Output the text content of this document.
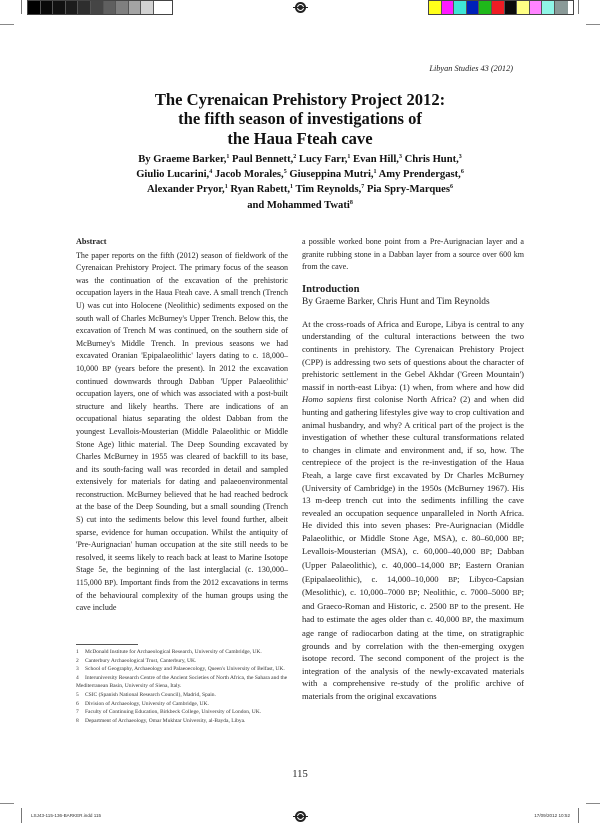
Libyan Studies 43 (2012)
The Cyrenaican Prehistory Project 2012:
the fifth season of investigations of
the Haua Fteah cave
By Graeme Barker,$^1$ Paul Bennett,$^2$ Lucy Farr,$^1$ Evan Hill,$^3$ Chris Hunt,$^3$
Giulio Lucarini,$^4$ Jacob Morales,$^5$ Giuseppina Mutri,$^1$ Amy Prendergast,$^6$
Alexander Pryor,$^1$ Ryan Rabett,$^1$ Tim Reynolds,$^7$ Pia Spry-Marques$^6$
and Mohammed Twati$^8$
Abstract
The paper reports on the fifth (2012) season of fieldwork of the Cyrenaican Prehistory Project. The primary focus of the season was the continuation of the excavation of the prehistoric occupation layers in the Haua Fteah cave. A small trench (Trench U) was cut into Holocene (Neolithic) sediments exposed on the south wall of Charles McBurney's Upper Trench. Below this, the excavation of Trench M was continued, on the southern side of McBurney's Middle Trench. In previous seasons we had excavated Oranian 'Epipalaeolithic' layers dating to c. 18,000–10,000 BP (years before the present). In 2012 the excavation continued downwards through Dabban 'Upper Palaeolithic' occupation layers, one of which was associated with a post-built structure and likely hearths. There are indications of an occupational hiatus separating the oldest Dabban from the youngest Levallois-Mousterian (Middle Palaeolithic or Middle Stone Age) lithic material. The Deep Sounding excavated by Charles McBurney in 1955 was cleared of backfill to its base, and its south-facing wall was recorded in detail and sampled extensively for materials for dating and palaeoenvironmental reconstruction. McBurney believed that he had reached bedrock at the base of the Deep Sounding, but a small sounding (Trench S) cut into the sediments below this level found further, albeit sparse, evidence for human occupation. Whilst the antiquity of 'Pre-Aurignacian' human occupation at the site still needs to be resolved, it seems likely to reach back at least to Marine Isotope Stage 5e, the beginning of the last interglacial (c. 130,000–115,000 BP). Important finds from the 2012 excavations in terms of the behavioural complexity of the human groups using the cave include
1 McDonald Institute for Archaeological Research, University of Cambridge, UK.
2 Canterbury Archaeological Trust, Canterbury, UK.
3 School of Geography, Archaeology and Palaeoecology, Queen's University of Belfast, UK.
4 Interuniversity Research Centre of the Ancient Societies of North Africa, the Sahara and the Mediterranean Basin, University of Siena, Italy.
5 CSIC (Spanish National Research Council), Madrid, Spain.
6 Division of Archaeology, University of Cambridge, UK.
7 Faculty of Continuing Education, Birkbeck College, University of London, UK.
8 Department of Archaeology, Omar Mukhtar University, al-Bayda, Libya.
a possible worked bone point from a Pre-Aurignacian layer and a granite rubbing stone in a Dabban layer from a source over 600 km from the cave.
Introduction
By Graeme Barker, Chris Hunt and Tim Reynolds
At the cross-roads of Africa and Europe, Libya is central to any understanding of the cultural interactions between the two continents in prehistory. The Cyrenaican Prehistory Project (CPP) is addressing two sets of questions about the character of prehistoric settlement in the Gebel Akhdar ('Green Mountain') massif in north-east Libya: (1) when, from where and how did Homo sapiens first colonise North Africa? (2) and when did hunting and gathering lifestyles give way to crop cultivation and animal husbandry, and why? A critical part of the project is the investigation of whether these cultural transformations related to changes in climate and environment and, if so, how. The centrepiece of the project is the re-investigation of the Haua Fteah, a large cave first excavated by Dr Charles McBurney (University of Cambridge) in the 1950s (McBurney 1967). His 13 m-deep trench cut into the sediments infilling the cave revealed an occupation sequence unparalleled in North Africa. He divided this into seven phases: Pre-Aurignacian (Middle Palaeolithic, or Middle Stone Age, MSA), c. 80–60,000 BP; Levallois-Mousterian (MSA), c. 60,000–40,000 BP; Dabban (Upper Palaeolithic), c. 40,000–14,000 BP; Eastern Oranian (Epipalaeolithic), c. 14,000–10,000 BP; Libyco-Capsian (Mesolithic), c. 10,000–7000 BP; Neolithic, c. 7000–5000 BP; and Graeco-Roman and Historic, c. 2500 BP to the present. He had to estimate the ages older than c. 40,000 BP, the maximum age range of radiocarbon dating at the time, on stratigraphic grounds and by correlation with the then-emerging oxygen isotope record. The second component of the project is the integration of the analysis of the newly-excavated materials with a comprehensive re-study of the prolific archive of materials from the original excavations
115
LSJ43-115-136-BARKER.indd 115	17/09/2012 10:52
